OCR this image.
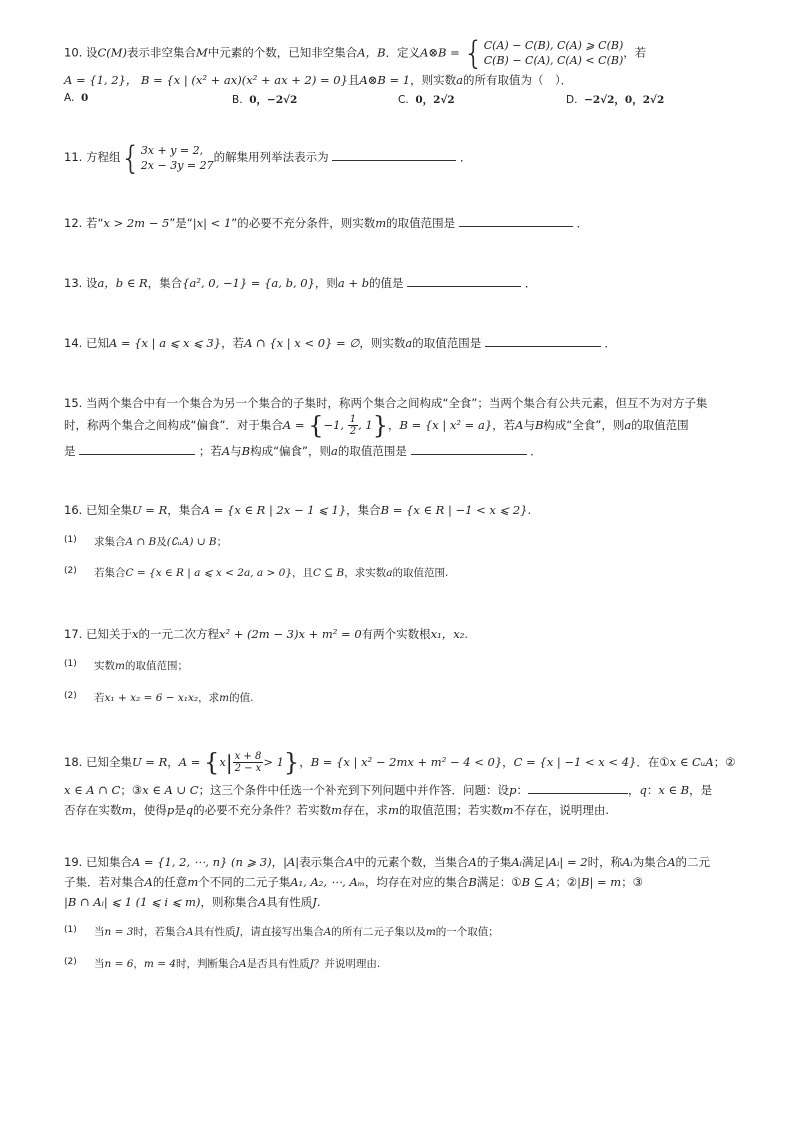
10. 设C(M)表示非空集合M中元素的个数，已知非空集合A，B．定义A⊗B = {C(A) − C(B), C(A) ⩾ C(B)
C(B) − C(A), C(A) < C(B)，若
A = {1, 2}， B = {x | (x² + ax)(x² + ax + 2) = 0}且A⊗B = 1，则实数a的所有取值为（　）．
A. 0	B. 0，−2√2	C. 0，2√2	D. −2√2，0，2√2
11. 方程组{3x + y = 2,
2x − 3y = 27的解集用列举法表示为	．
12. 若“x > 2m − 5”是“|x| < 1”的必要不充分条件，则实数m的取值范围是	．
13. 设a，b ∈ R，集合{a², 0, −1} = {a, b, 0}，则a + b的值是	．
14. 已知A = {x | a ⩽ x ⩽ 3}，若A ∩ {x | x < 0} = ∅，则实数a的取值范围是	．
15. 当两个集合中有一个集合为另一个集合的子集时，称两个集合之间构成“全食”；当两个集合有公共元素，但互不为对方子集
时，称两个集合之间构成“偏食”．对于集合A = {−1, $\frac{1}{2}$ , 1}，B = {x | x² = a}，若A与B构成“全食”，则a的取值范围
是	；若A与B构成“偏食”，则a的取值范围是	．
16. 已知全集U = R，集合A = {x ∈ R | 2x − 1 ⩽ 1}，集合B = {x ∈ R | −1 < x ⩽ 2}.
(1) 求集合A ∩ B及(∁ᵤA) ∪ B；
(2) 若集合C = {x ∈ R | a ⩽ x < 2a, a > 0}，且C ⊆ B，求实数a的取值范围.
17. 已知关于x的一元二次方程x² + (2m − 3)x + m² = 0有两个实数根x₁，x₂.
(1) 实数m的取值范围；
(2) 若x₁ + x₂ = 6 − x₁x₂，求m的值.
18. 已知全集U = R，$A = \{x| \frac{x + 8}{2 - x} > 1\}$，B = {x | x² − 2mx + m² − 4 < 0}，C = {x | −1 < x < 4}．在①x ∈ CᵤA；②
x ∈ A ∩ C；③x ∈ A ∪ C；这三个条件中任选一个补充到下列问题中并作答．问题：设p：	，q：x ∈ B，是
否存在实数m，使得p是q的必要不充分条件？若实数m存在，求m的取值范围；若实数m不存在，说明理由.
19. 已知集合A = {1, 2, ⋯, n} (n ⩾ 3)，|A|表示集合A中的元素个数，当集合A的子集Aᵢ满足|Aᵢ| = 2时，称Aᵢ为集合A的二元
子集．若对集合A的任意m个不同的二元子集A₁, A₂, ⋯, Aₘ，均存在对应的集合B满足：①B ⊆ A；②|B| = m；③
|B ∩ Aᵢ| ⩽ 1 (1 ⩽ i ⩽ m)，则称集合A具有性质J.
(1) 当n = 3时，若集合A具有性质J，请直接写出集合A的所有二元子集以及m的一个取值；
(2) 当n = 6，m = 4时，判断集合A是否具有性质J？并说明理由.
